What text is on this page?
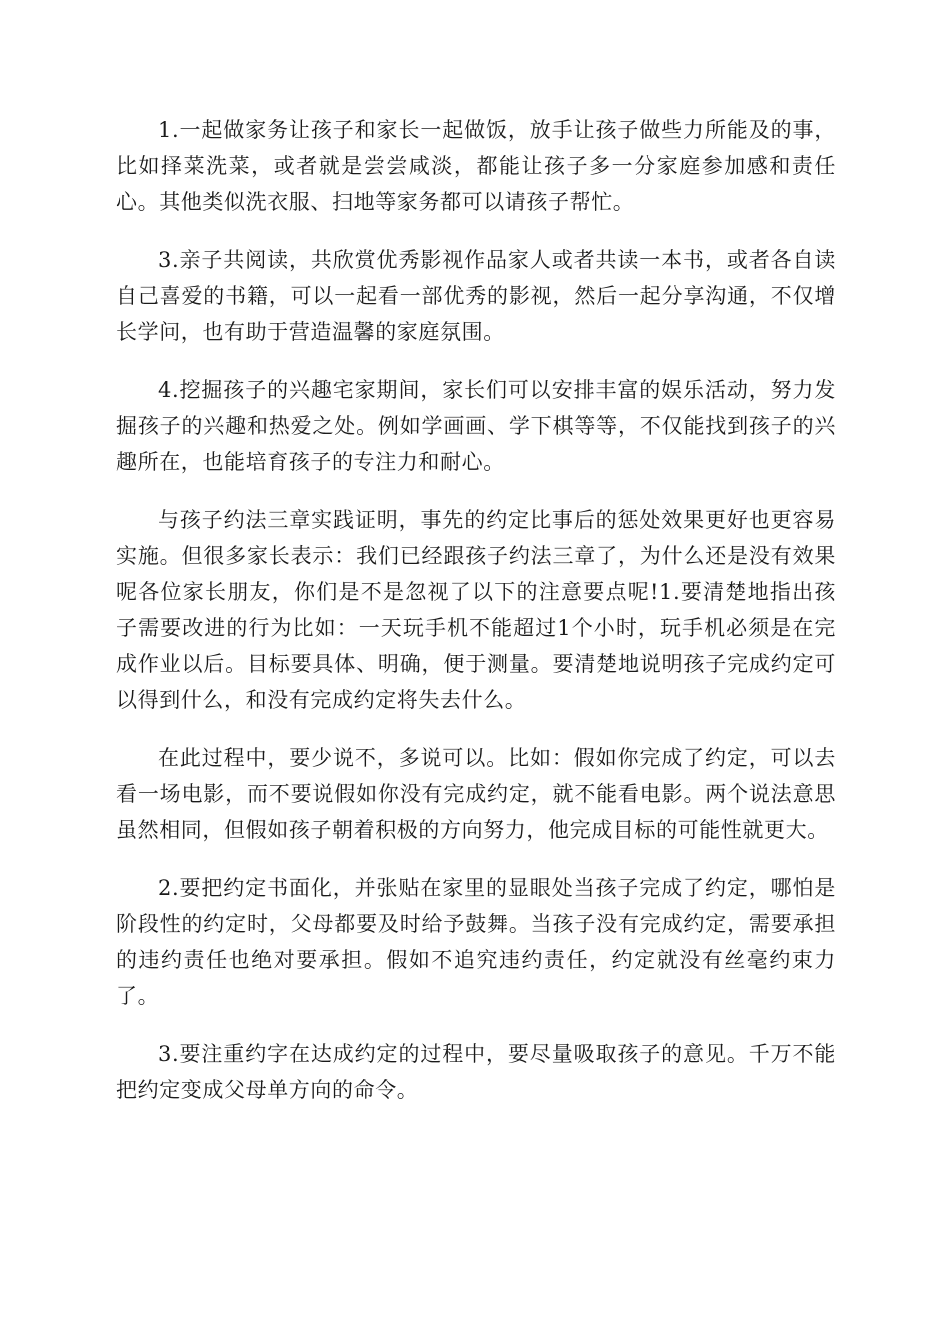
1.一起做家务让孩子和家长一起做饭，放手让孩子做些力所能及的事，比如择菜洗菜，或者就是尝尝咸淡，都能让孩子多一分家庭参加感和责任心。其他类似洗衣服、扫地等家务都可以请孩子帮忙。

3.亲子共阅读，共欣赏优秀影视作品家人或者共读一本书，或者各自读自己喜爱的书籍，可以一起看一部优秀的影视，然后一起分享沟通，不仅增长学问，也有助于营造温馨的家庭氛围。

4.挖掘孩子的兴趣宅家期间，家长们可以安排丰富的娱乐活动，努力发掘孩子的兴趣和热爱之处。例如学画画、学下棋等等，不仅能找到孩子的兴趣所在，也能培育孩子的专注力和耐心。

与孩子约法三章实践证明，事先的约定比事后的惩处效果更好也更容易实施。但很多家长表示：我们已经跟孩子约法三章了，为什么还是没有效果呢各位家长朋友，你们是不是忽视了以下的注意要点呢!1.要清楚地指出孩子需要改进的行为比如：一天玩手机不能超过1个小时，玩手机必须是在完成作业以后。目标要具体、明确，便于测量。要清楚地说明孩子完成约定可以得到什么，和没有完成约定将失去什么。

在此过程中，要少说不，多说可以。比如：假如你完成了约定，可以去看一场电影，而不要说假如你没有完成约定，就不能看电影。两个说法意思虽然相同，但假如孩子朝着积极的方向努力，他完成目标的可能性就更大。

2.要把约定书面化，并张贴在家里的显眼处当孩子完成了约定，哪怕是阶段性的约定时，父母都要及时给予鼓舞。当孩子没有完成约定，需要承担的违约责任也绝对要承担。假如不追究违约责任，约定就没有丝毫约束力了。

3.要注重约字在达成约定的过程中，要尽量吸取孩子的意见。千万不能把约定变成父母单方向的命令。
